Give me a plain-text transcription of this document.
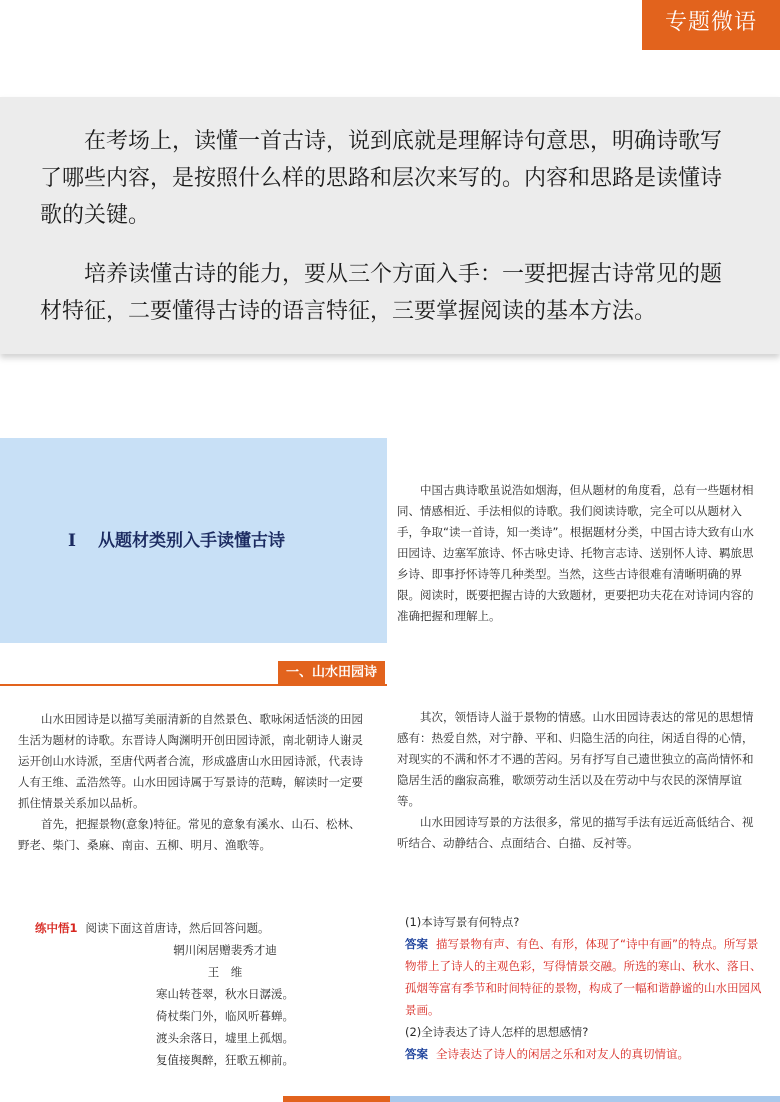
专题微语

在考场上，读懂一首古诗，说到底就是理解诗句意思，明确诗歌写了哪些内容，是按照什么样的思路和层次来写的。内容和思路是读懂诗歌的关键。

培养读懂古诗的能力，要从三个方面入手：一要把握古诗常见的题材特征，二要懂得古诗的语言特征，三要掌握阅读的基本方法。

Ⅰ 从题材类别入手读懂古诗
一、山水田园诗

中国古典诗歌虽说浩如烟海，但从题材的角度看，总有一些题材相同、情感相近、手法相似的诗歌。我们阅读诗歌，完全可以从题材入手，争取“读一首诗，知一类诗”。根据题材分类，中国古诗大致有山水田园诗、边塞军旅诗、怀古咏史诗、托物言志诗、送别怀人诗、羁旅思乡诗、即事抒怀诗等几种类型。当然，这些古诗很难有清晰明确的界限。阅读时，既要把握古诗的大致题材，更要把功夫花在对诗词内容的准确把握和理解上。

山水田园诗是以描写美丽清新的自然景色、歌咏闲适恬淡的田园生活为题材的诗歌。东晋诗人陶渊明开创田园诗派，南北朝诗人谢灵运开创山水诗派，至唐代两者合流，形成盛唐山水田园诗派，代表诗人有王维、孟浩然等。山水田园诗属于写景诗的范畴，解读时一定要抓住情景关系加以品析。

首先，把握景物(意象)特征。常见的意象有溪水、山石、松林、野老、柴门、桑麻、南亩、五柳、明月、渔歌等。

其次，领悟诗人溢于景物的情感。山水田园诗表达的常见的思想情感有：热爱自然，对宁静、平和、归隐生活的向往，闲适自得的心情，对现实的不满和怀才不遇的苦闷。另有抒写自己遗世独立的高尚情怀和隐居生活的幽寂高雅，歌颂劳动生活以及在劳动中与农民的深情厚谊等。

山水田园诗写景的方法很多，常见的描写手法有远近高低结合、视听结合、动静结合、点面结合、白描、反衬等。

练中悟1 阅读下面这首唐诗，然后回答问题。
辋川闲居赠裴秀才迪
王　维
寒山转苍翠，秋水日潺湲。
倚杖柴门外，临风听暮蝉。
渡头余落日，墟里上孤烟。
复值接舆醉，狂歌五柳前。
(1)本诗写景有何特点?
答案 描写景物有声、有色、有形，体现了“诗中有画”的特点。所写景物带上了诗人的主观色彩，写得情景交融。所选的寒山、秋水、落日、孤烟等富有季节和时间特征的景物，构成了一幅和谐静谧的山水田园风景画。
(2)全诗表达了诗人怎样的思想感情?
答案 全诗表达了诗人的闲居之乐和对友人的真切情谊。
